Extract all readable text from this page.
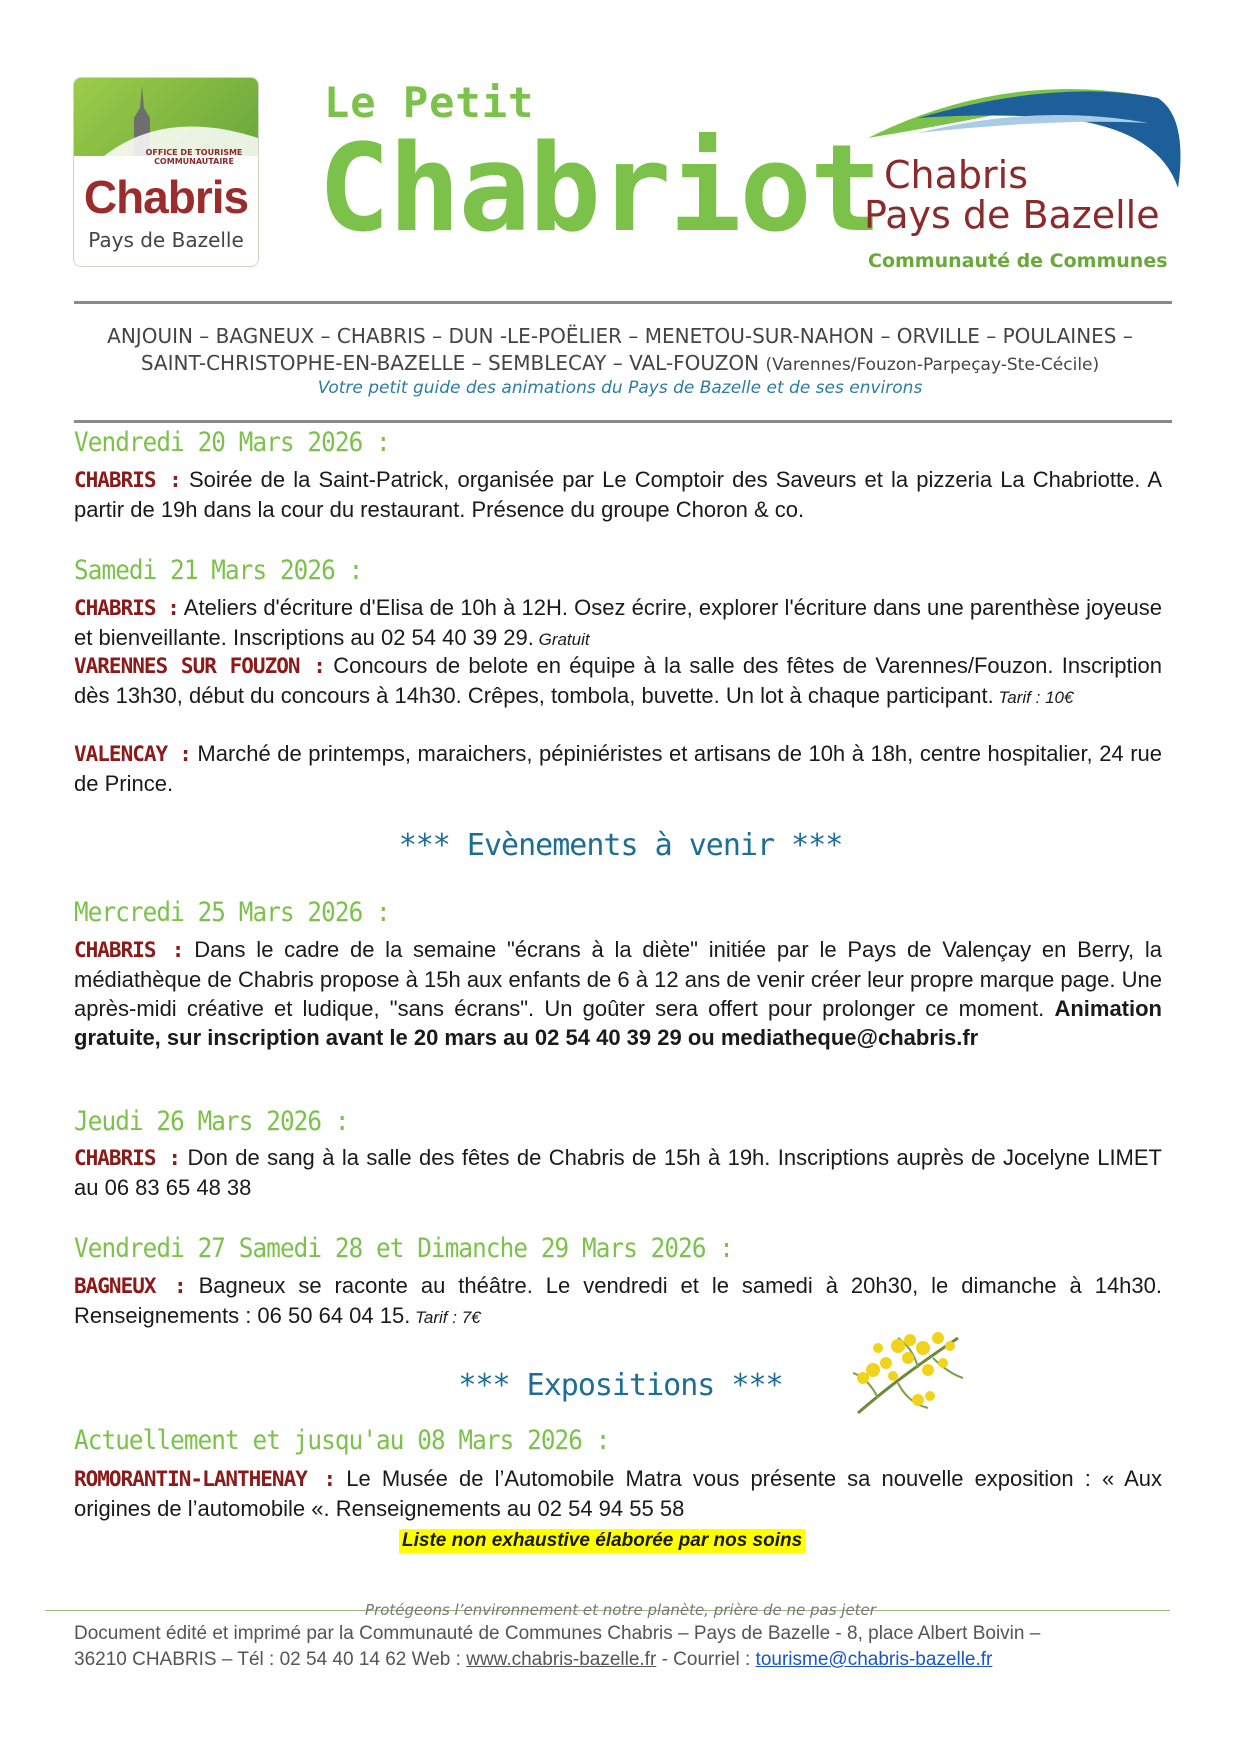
OFFICE DE TOURISME
COMMUNAUTAIRE
Chabris
Pays de Bazelle
Le Petit
Chabriot Chabris
Pays de Bazelle
Communauté de Communes
ANJOUIN – BAGNEUX – CHABRIS – DUN -LE-POËLIER – MENETOU-SUR-NAHON – ORVILLE – POULAINES –
SAINT-CHRISTOPHE-EN-BAZELLE – SEMBLECAY – VAL-FOUZON (Varennes/Fouzon-Parpeçay-Ste-Cécile)
Votre petit guide des animations du Pays de Bazelle et de ses environs
Vendredi 20 Mars 2026 :
CHABRIS : Soirée de la Saint-Patrick, organisée par Le Comptoir des Saveurs et la pizzeria La Chabriotte. A partir de 19h dans la cour du restaurant. Présence du groupe Choron & co.
Samedi 21 Mars 2026 :
CHABRIS : Ateliers d'écriture d'Elisa de 10h à 12H. Osez écrire, explorer l'écriture dans une parenthèse joyeuse et bienveillante. Inscriptions au 02 54 40 39 29. Gratuit
VARENNES SUR FOUZON : Concours de belote en équipe à la salle des fêtes de Varennes/Fouzon. Inscription dès 13h30, début du concours à 14h30. Crêpes, tombola, buvette. Un lot à chaque participant. Tarif : 10€
VALENCAY : Marché de printemps, maraichers, pépiniéristes et artisans de 10h à 18h, centre hospitalier, 24 rue de Prince.
*** Evènements à venir ***
Mercredi 25 Mars 2026 :
CHABRIS : Dans le cadre de la semaine "écrans à la diète" initiée par le Pays de Valençay en Berry, la médiathèque de Chabris propose à 15h aux enfants de 6 à 12 ans de venir créer leur propre marque page. Une après-midi créative et ludique, "sans écrans". Un goûter sera offert pour prolonger ce moment. Animation gratuite, sur inscription avant le 20 mars au 02 54 40 39 29 ou mediatheque@chabris.fr
Jeudi 26 Mars 2026 :
CHABRIS : Don de sang à la salle des fêtes de Chabris de 15h à 19h. Inscriptions auprès de Jocelyne LIMET au 06 83 65 48 38
Vendredi 27 Samedi 28 et Dimanche 29 Mars 2026 :
BAGNEUX : Bagneux se raconte au théâtre. Le vendredi et le samedi à 20h30, le dimanche à 14h30. Renseignements : 06 50 64 04 15. Tarif : 7€
*** Expositions ***
Actuellement et jusqu'au 08 Mars 2026 :
ROMORANTIN-LANTHENAY : Le Musée de l’Automobile Matra vous présente sa nouvelle exposition : « Aux origines de l’automobile «. Renseignements au 02 54 94 55 58
Liste non exhaustive élaborée par nos soins
Protégeons l’environnement et notre planète, prière de ne pas jeter
Document édité et imprimé par la Communauté de Communes Chabris – Pays de Bazelle - 8, place Albert Boivin –
36210 CHABRIS – Tél : 02 54 40 14 62 Web : www.chabris-bazelle.fr - Courriel : tourisme@chabris-bazelle.fr
